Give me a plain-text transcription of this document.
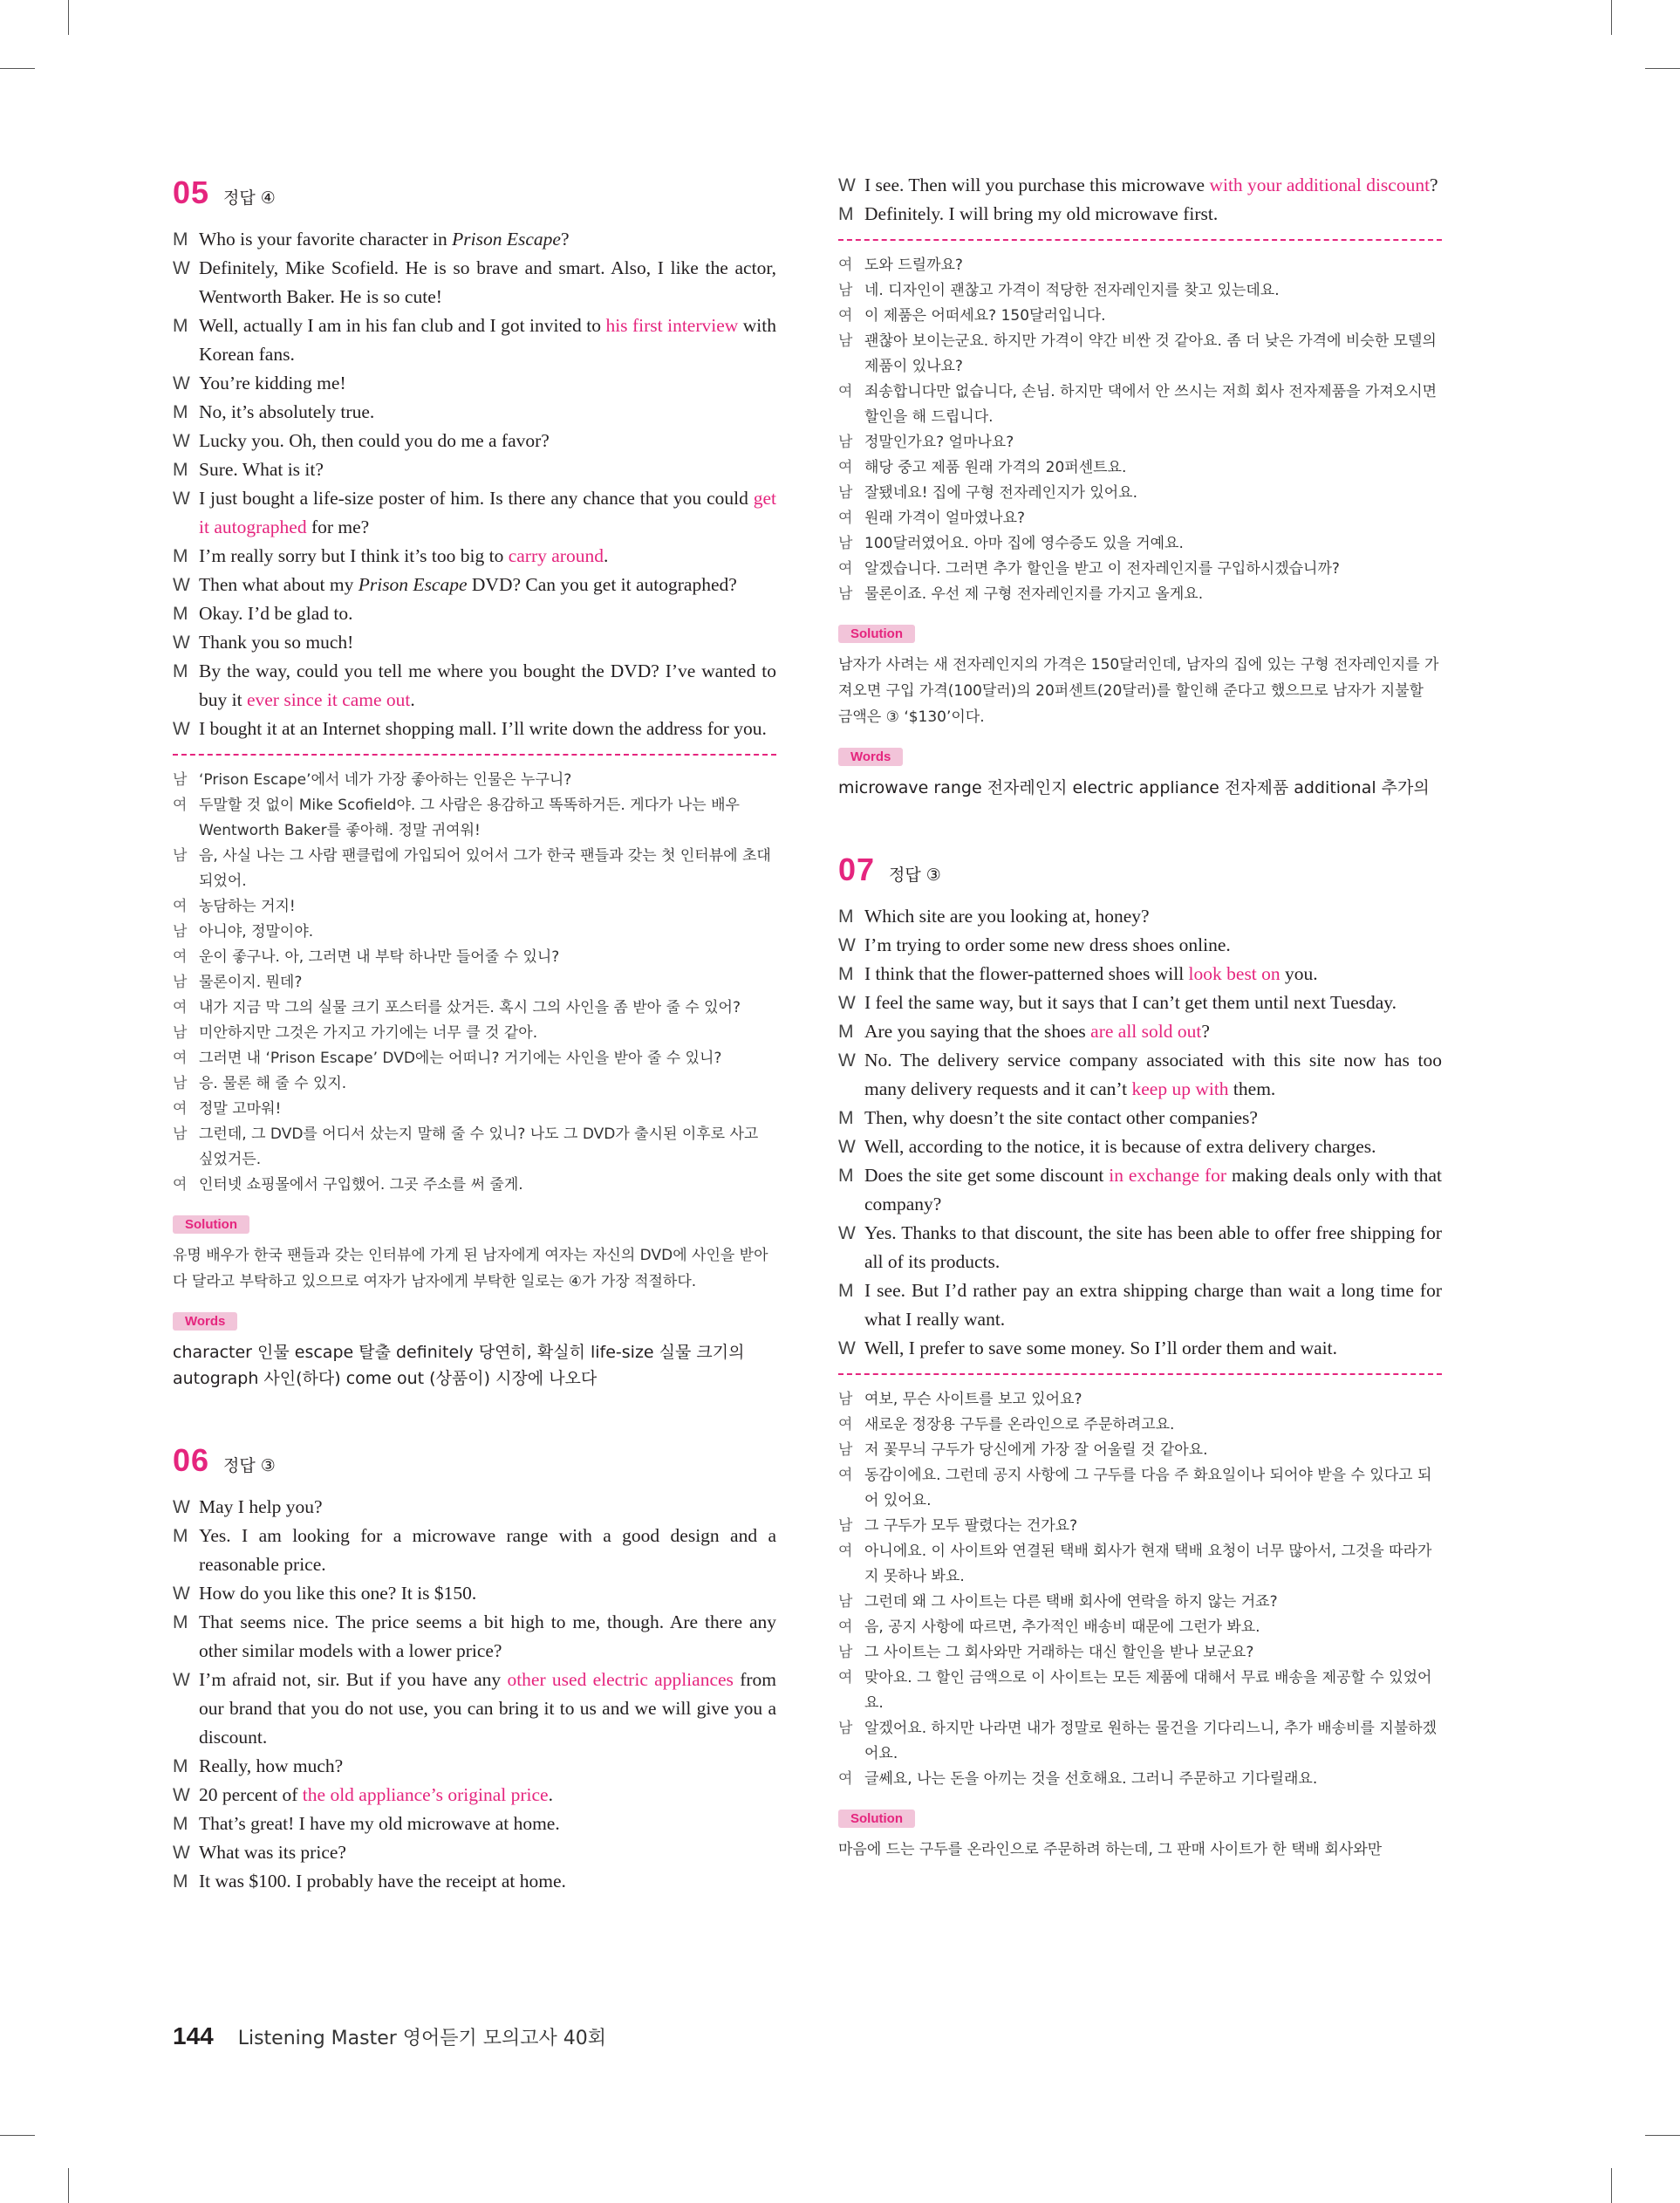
05 정답 ④
M Who is your favorite character in Prison Escape?
W Definitely, Mike Scofield. He is so brave and smart. Also, I like the actor, Wentworth Baker. He is so cute!
M Well, actually I am in his fan club and I got invited to his first interview with Korean fans.
W You’re kidding me!
M No, it’s absolutely true.
W Lucky you. Oh, then could you do me a favor?
M Sure. What is it?
W I just bought a life-size poster of him. Is there any chance that you could get it autographed for me?
M I’m really sorry but I think it’s too big to carry around.
W Then what about my Prison Escape DVD? Can you get it autographed?
M Okay. I’d be glad to.
W Thank you so much!
M By the way, could you tell me where you bought the DVD? I’ve wanted to buy it ever since it came out.
W I bought it at an Internet shopping mall. I’ll write down the address for you.
남 ‘Prison Escape’에서 네가 가장 좋아하는 인물은 누구니?
여 두말할 것 없이 Mike Scofield야. 그 사람은 용감하고 똑똑하거든. 게다가 나는 배우 Wentworth Baker를 좋아해. 정말 귀여워!
남 음, 사실 나는 그 사람 팬클럽에 가입되어 있어서 그가 한국 팬들과 갖는 첫 인터뷰에 초대되었어.
여 농담하는 거지!
남 아니야, 정말이야.
여 운이 좋구나. 아, 그러면 내 부탁 하나만 들어줄 수 있니?
남 물론이지. 뭔데?
여 내가 지금 막 그의 실물 크기 포스터를 샀거든. 혹시 그의 사인을 좀 받아 줄 수 있어?
남 미안하지만 그것은 가지고 가기에는 너무 클 것 같아.
여 그러면 내 ‘Prison Escape’ DVD에는 어떠니? 거기에는 사인을 받아 줄 수 있니?
남 응. 물론 해 줄 수 있지.
여 정말 고마워!
남 그런데, 그 DVD를 어디서 샀는지 말해 줄 수 있니? 나도 그 DVD가 출시된 이후로 사고 싶었거든.
여 인터넷 쇼핑몰에서 구입했어. 그곳 주소를 써 줄게.
Solution
유명 배우가 한국 팬들과 갖는 인터뷰에 가게 된 남자에게 여자는 자신의 DVD에 사인을 받아다 달라고 부탁하고 있으므로 여자가 남자에게 부탁한 일로는 ④가 가장 적절하다.
Words
character 인물 escape 탈출 definitely 당연히, 확실히 life-size 실물 크기의 autograph 사인(하다) come out (상품이) 시장에 나오다
06 정답 ③
W May I help you?
M Yes. I am looking for a microwave range with a good design and a reasonable price.
W How do you like this one? It is $150.
M That seems nice. The price seems a bit high to me, though. Are there any other similar models with a lower price?
W I’m afraid not, sir. But if you have any other used electric appliances from our brand that you do not use, you can bring it to us and we will give you a discount.
M Really, how much?
W 20 percent of the old appliance’s original price.
M That’s great! I have my old microwave at home.
W What was its price?
M It was $100. I probably have the receipt at home.
W I see. Then will you purchase this microwave with your additional discount?
M Definitely. I will bring my old microwave first.
여 도와 드릴까요?
남 네. 디자인이 괜찮고 가격이 적당한 전자레인지를 찾고 있는데요.
여 이 제품은 어떠세요? 150달러입니다.
남 괜찮아 보이는군요. 하지만 가격이 약간 비싼 것 같아요. 좀 더 낮은 가격에 비슷한 모델의 제품이 있나요?
여 죄송합니다만 없습니다, 손님. 하지만 댁에서 안 쓰시는 저희 회사 전자제품을 가져오시면 할인을 해 드립니다.
남 정말인가요? 얼마나요?
여 해당 중고 제품 원래 가격의 20퍼센트요.
남 잘됐네요! 집에 구형 전자레인지가 있어요.
여 원래 가격이 얼마였나요?
남 100달러였어요. 아마 집에 영수증도 있을 거예요.
여 알겠습니다. 그러면 추가 할인을 받고 이 전자레인지를 구입하시겠습니까?
남 물론이죠. 우선 제 구형 전자레인지를 가지고 올게요.
Solution
남자가 사려는 새 전자레인지의 가격은 150달러인데, 남자의 집에 있는 구형 전자레인지를 가져오면 구입 가격(100달러)의 20퍼센트(20달러)를 할인해 준다고 했으므로 남자가 지불할 금액은 ③ ‘$130’이다.
Words
microwave range 전자레인지 electric appliance 전자제품 additional 추가의
07 정답 ③
M Which site are you looking at, honey?
W I’m trying to order some new dress shoes online.
M I think that the flower-patterned shoes will look best on you.
W I feel the same way, but it says that I can’t get them until next Tuesday.
M Are you saying that the shoes are all sold out?
W No. The delivery service company associated with this site now has too many delivery requests and it can’t keep up with them.
M Then, why doesn’t the site contact other companies?
W Well, according to the notice, it is because of extra delivery charges.
M Does the site get some discount in exchange for making deals only with that company?
W Yes. Thanks to that discount, the site has been able to offer free shipping for all of its products.
M I see. But I’d rather pay an extra shipping charge than wait a long time for what I really want.
W Well, I prefer to save some money. So I’ll order them and wait.
남 여보, 무슨 사이트를 보고 있어요?
여 새로운 정장용 구두를 온라인으로 주문하려고요.
남 저 꽃무늬 구두가 당신에게 가장 잘 어울릴 것 같아요.
여 동감이에요. 그런데 공지 사항에 그 구두를 다음 주 화요일이나 되어야 받을 수 있다고 되어 있어요.
남 그 구두가 모두 팔렸다는 건가요?
여 아니에요. 이 사이트와 연결된 택배 회사가 현재 택배 요청이 너무 많아서, 그것을 따라가지 못하나 봐요.
남 그런데 왜 그 사이트는 다른 택배 회사에 연락을 하지 않는 거죠?
여 음, 공지 사항에 따르면, 추가적인 배송비 때문에 그런가 봐요.
남 그 사이트는 그 회사와만 거래하는 대신 할인을 받나 보군요?
여 맞아요. 그 할인 금액으로 이 사이트는 모든 제품에 대해서 무료 배송을 제공할 수 있었어요.
남 알겠어요. 하지만 나라면 내가 정말로 원하는 물건을 기다리느니, 추가 배송비를 지불하겠어요.
여 글쎄요, 나는 돈을 아끼는 것을 선호해요. 그러니 주문하고 기다릴래요.
Solution
마음에 드는 구두를 온라인으로 주문하려 하는데, 그 판매 사이트가 한 택배 회사와만
144 Listening Master 영어듣기 모의고사 40회
